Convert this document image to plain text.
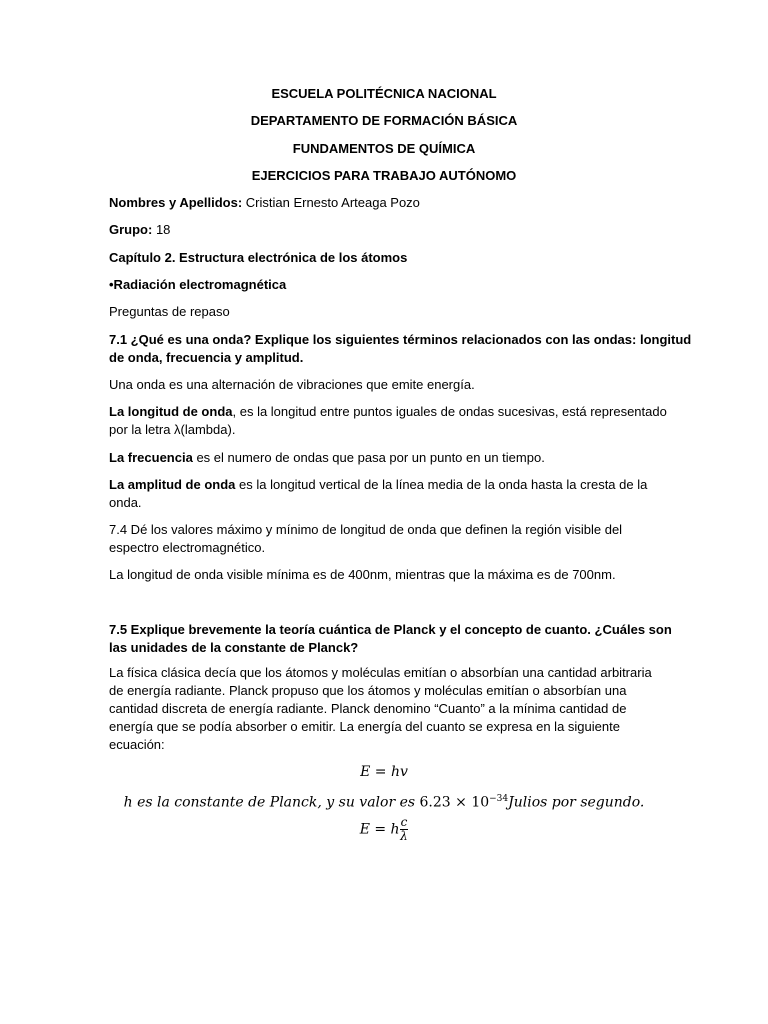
ESCUELA POLITÉCNICA NACIONAL
DEPARTAMENTO DE FORMACIÓN BÁSICA
FUNDAMENTOS DE QUÍMICA
EJERCICIOS PARA TRABAJO AUTÓNOMO
Nombres y Apellidos: Cristian Ernesto Arteaga Pozo
Grupo: 18
Capítulo 2. Estructura electrónica de los átomos
•Radiación electromagnética
Preguntas de repaso
7.1 ¿Qué es una onda? Explique los siguientes términos relacionados con las ondas: longitud
de onda, frecuencia y amplitud.
Una onda es una alternación de vibraciones que emite energía.
La longitud de onda, es la longitud entre puntos iguales de ondas sucesivas, está representado
por la letra λ(lambda).
La frecuencia es el numero de ondas que pasa por un punto en un tiempo.
La amplitud de onda es la longitud vertical de la línea media de la onda hasta la cresta de la
onda.
7.4 Dé los valores máximo y mínimo de longitud de onda que definen la región visible del
espectro electromagnético.
La longitud de onda visible mínima es de 400nm, mientras que la máxima es de 700nm.
7.5 Explique brevemente la teoría cuántica de Planck y el concepto de cuanto. ¿Cuáles son
las unidades de la constante de Planck?
La física clásica decía que los átomos y moléculas emitían o absorbían una cantidad arbitraria
de energía radiante. Planck propuso que los átomos y moléculas emitían o absorbían una
cantidad discreta de energía radiante. Planck denomino “Cuanto” a la mínima cantidad de
energía que se podía absorber o emitir. La energía del cuanto se expresa en la siguiente
ecuación:
E = hv
h es la constante de Planck, y su valor es $6.23 \times 10^{-34}Julios$ por segundo.
E = h $\frac{c}{\lambda}$
